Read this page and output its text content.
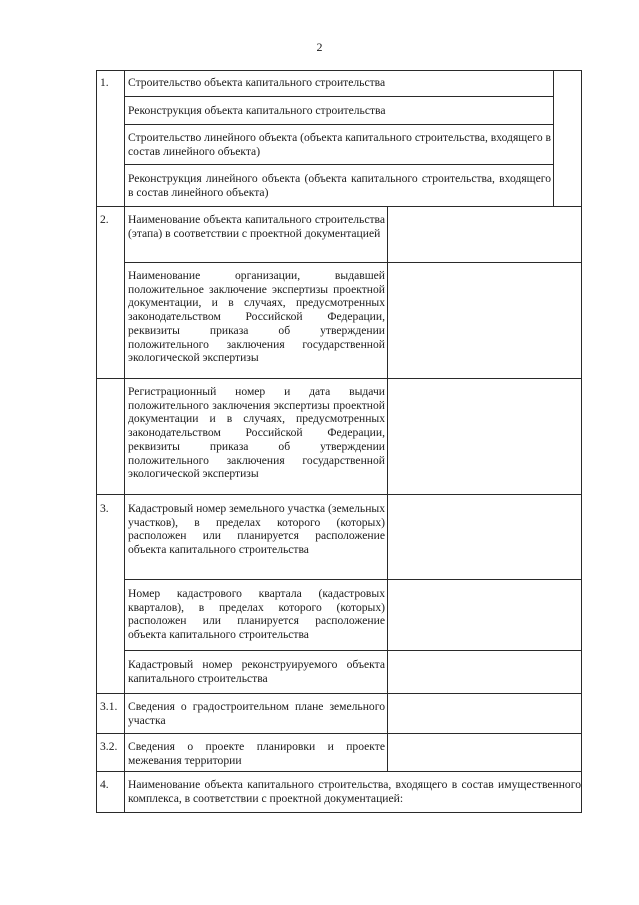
2
1.	Строительство объекта капитального строительства
Реконструкция объекта капитального строительства
Строительство линейного объекта (объекта капитального строительства, входящего в состав линейного объекта)
Реконструкция линейного объекта (объекта капитального строительства, входящего в состав линейного объекта)
2.	Наименование объекта капитального строительства (этапа) в соответствии с проектной документацией
Наименование организации, выдавшей положительное заключение экспертизы проектной документации, и в случаях, предусмотренных законодательством Российской Федерации, реквизиты приказа об утверждении положительного заключения государственной экологической экспертизы
Регистрационный номер и дата выдачи положительного заключения экспертизы проектной документации и в случаях, предусмотренных законодательством Российской Федерации, реквизиты приказа об утверждении положительного заключения государственной экологической экспертизы
3.	Кадастровый номер земельного участка (земельных участков), в пределах которого (которых) расположен или планируется расположение объекта капитального строительства
Номер кадастрового квартала (кадастровых кварталов), в пределах которого (которых) расположен или планируется расположение объекта капитального строительства
Кадастровый номер реконструируемого объекта капитального строительства
3.1. Сведения о градостроительном плане земельного участка
3.2. Сведения о проекте планировки и проекте межевания территории
4.	Наименование объекта капитального строительства, входящего в состав имущественного комплекса, в соответствии с проектной документацией:
